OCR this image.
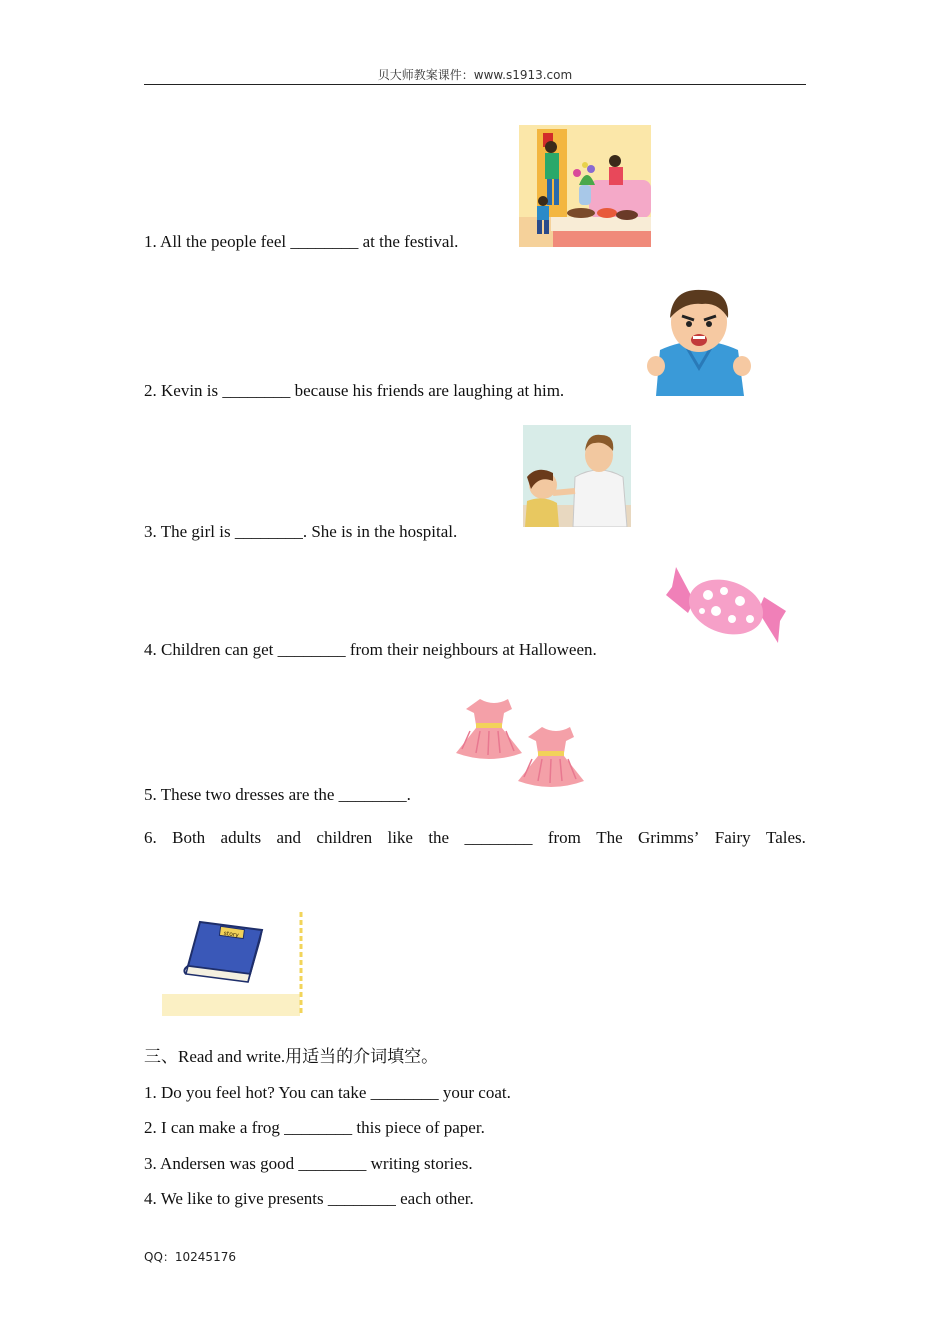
贝大师教案课件：www.s1913.com
1. All the people feel ________ at the festival.
2. Kevin is ________ because his friends are laughing at him.
3. The girl is ________. She is in the hospital.
4. Children can get ________ from their neighbours at Halloween.
5. These two dresses are the ________.
6. Both adults and children like the ________ from The Grimms’ Fairy Tales.
story
三、Read and write.用适当的介词填空。
1. Do you feel hot? You can take ________ your coat.
2. I can make a frog ________ this piece of paper.
3. Andersen was good ________ writing stories.
4. We like to give presents ________ each other.
QQ：10245176
